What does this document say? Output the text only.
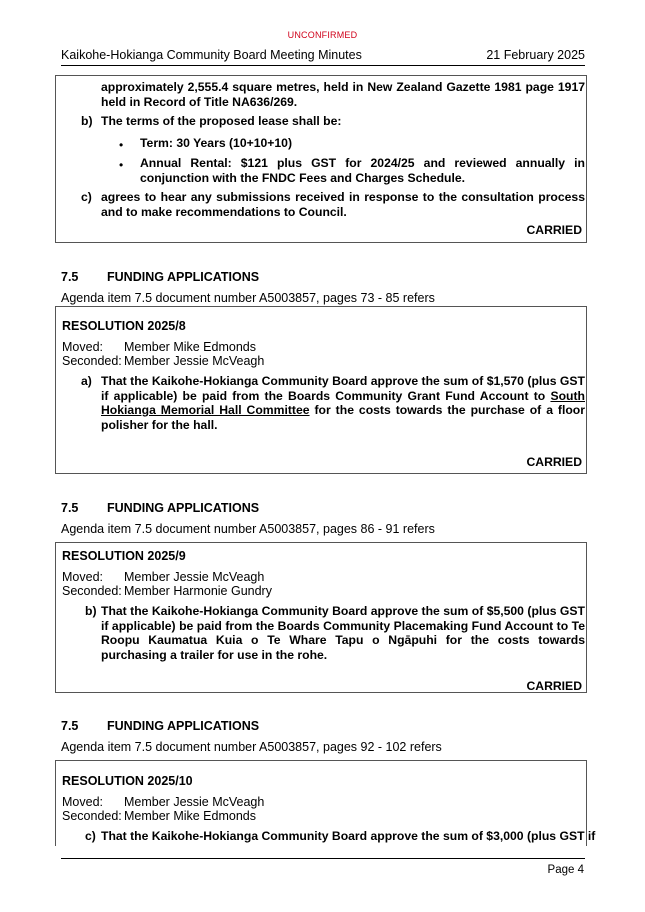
UNCONFIRMED
Kaikohe-Hokianga Community Board Meeting Minutes	21 February 2025
approximately 2,555.4 square metres, held in New Zealand Gazette 1981 page 1917 held in Record of Title NA636/269.
b) The terms of the proposed lease shall be:
• Term: 30 Years (10+10+10)
• Annual Rental: $121 plus GST for 2024/25 and reviewed annually in conjunction with the FNDC Fees and Charges Schedule.
c) agrees to hear any submissions received in response to the consultation process and to make recommendations to Council.
CARRIED
7.5 FUNDING APPLICATIONS
Agenda item 7.5 document number A5003857, pages 73 - 85 refers
RESOLUTION 2025/8
Moved: Member Mike Edmonds
Seconded: Member Jessie McVeagh
a) That the Kaikohe-Hokianga Community Board approve the sum of $1,570 (plus GST if applicable) be paid from the Boards Community Grant Fund Account to South Hokianga Memorial Hall Committee for the costs towards the purchase of a floor polisher for the hall.
CARRIED
7.5 FUNDING APPLICATIONS
Agenda item 7.5 document number A5003857, pages 86 - 91 refers
RESOLUTION 2025/9
Moved: Member Jessie McVeagh
Seconded: Member Harmonie Gundry
b) That the Kaikohe-Hokianga Community Board approve the sum of $5,500 (plus GST if applicable) be paid from the Boards Community Placemaking Fund Account to Te Roopu Kaumatua Kuia o Te Whare Tapu o Ngāpuhi for the costs towards purchasing a trailer for use in the rohe.
CARRIED
7.5 FUNDING APPLICATIONS
Agenda item 7.5 document number A5003857, pages 92 - 102 refers
RESOLUTION 2025/10
Moved: Member Jessie McVeagh
Seconded: Member Mike Edmonds
c) That the Kaikohe-Hokianga Community Board approve the sum of $3,000 (plus GST if
Page 4
